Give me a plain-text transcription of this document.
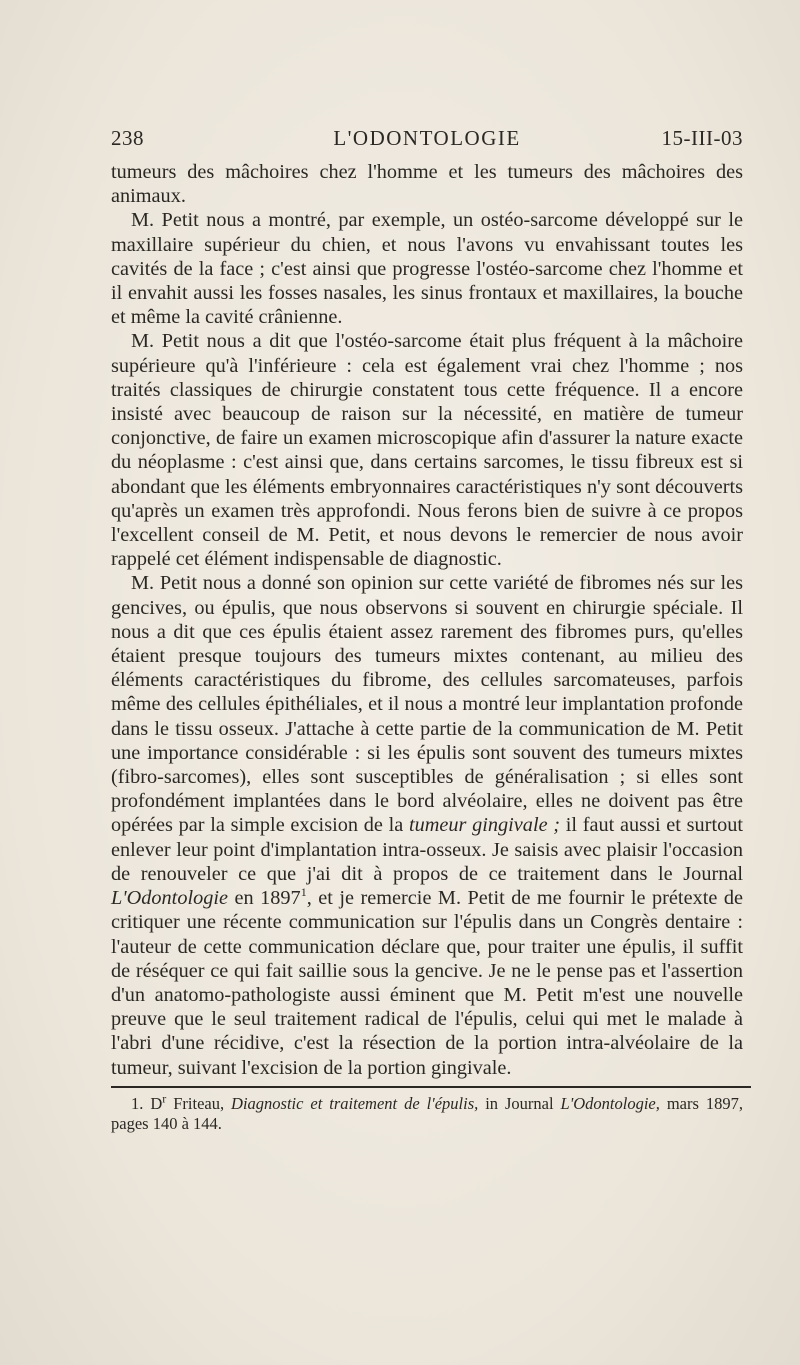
238	L'ODONTOLOGIE	15-III-03

tumeurs des mâchoires chez l'homme et les tumeurs des mâchoires des animaux.

M. Petit nous a montré, par exemple, un ostéo-sarcome développé sur le maxillaire supérieur du chien, et nous l'avons vu envahissant toutes les cavités de la face ; c'est ainsi que progresse l'ostéo-sarcome chez l'homme et il envahit aussi les fosses nasales, les sinus frontaux et maxillaires, la bouche et même la cavité crânienne.

M. Petit nous a dit que l'ostéo-sarcome était plus fréquent à la mâchoire supérieure qu'à l'inférieure : cela est également vrai chez l'homme ; nos traités classiques de chirurgie constatent tous cette fréquence. Il a encore insisté avec beaucoup de raison sur la nécessité, en matière de tumeur conjonctive, de faire un examen microscopique afin d'assurer la nature exacte du néoplasme : c'est ainsi que, dans certains sarcomes, le tissu fibreux est si abondant que les éléments embryonnaires caractéristiques n'y sont découverts qu'après un examen très approfondi. Nous ferons bien de suivre à ce propos l'excellent conseil de M. Petit, et nous devons le remercier de nous avoir rappelé cet élément indispensable de diagnostic.

M. Petit nous a donné son opinion sur cette variété de fibromes nés sur les gencives, ou épulis, que nous observons si souvent en chirurgie spéciale. Il nous a dit que ces épulis étaient assez rarement des fibromes purs, qu'elles étaient presque toujours des tumeurs mixtes contenant, au milieu des éléments caractéristiques du fibrome, des cellules sarcomateuses, parfois même des cellules épithéliales, et il nous a montré leur implantation profonde dans le tissu osseux. J'attache à cette partie de la communication de M. Petit une importance considérable : si les épulis sont souvent des tumeurs mixtes (fibro-sarcomes), elles sont susceptibles de généralisation ; si elles sont profondément implantées dans le bord alvéolaire, elles ne doivent pas être opérées par la simple excision de la tumeur gingivale ; il faut aussi et surtout enlever leur point d'implantation intra-osseux. Je saisis avec plaisir l'occasion de renouveler ce que j'ai dit à propos de ce traitement dans le Journal L'Odontologie en 1897$^1$, et je remercie M. Petit de me fournir le prétexte de critiquer une récente communication sur l'épulis dans un Congrès dentaire : l'auteur de cette communication déclare que, pour traiter une épulis, il suffit de réséquer ce qui fait saillie sous la gencive. Je ne le pense pas et l'assertion d'un anatomo-pathologiste aussi éminent que M. Petit m'est une nouvelle preuve que le seul traitement radical de l'épulis, celui qui met le malade à l'abri d'une récidive, c'est la résection de la portion intra-alvéolaire de la tumeur, suivant l'excision de la portion gingivale.

1. $D^r$ Friteau, Diagnostic et traitement de l'épulis, in Journal L'Odontologie, mars 1897, pages 140 à 144.
